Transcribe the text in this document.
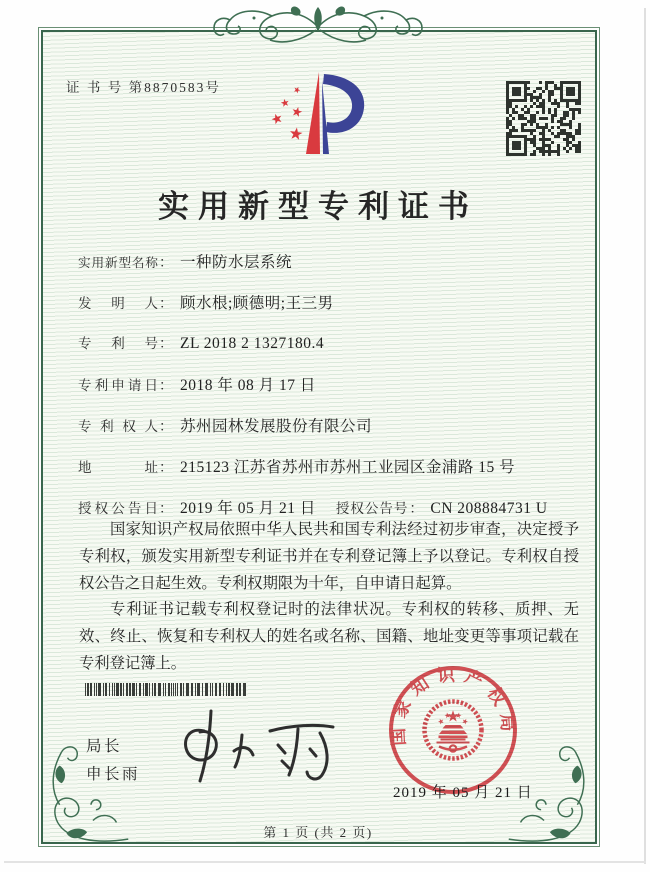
证 书 号 第8870583号
实用新型专利证书
实用新型名称 ： 一种防水层系统
发明人 ： 顾水根;顾德明;王三男
专利号 ： ZL 2018 2 1327180.4
专利申请日 ： 2018 年 08 月 17 日
专利权人 ： 苏州园林发展股份有限公司
地址 ： 215123 江苏省苏州市苏州工业园区金浦路 15 号
授权公告日 ： 2019 年 05 月 21 日 授权公告号 ： CN 208884731 U

国家知识产权局依照中华人民共和国专利法经过初步审查，决定授予专利权，颁发实用新型专利证书并在专利登记簿上予以登记。专利权自授权公告之日起生效。专利权期限为十年，自申请日起算。

专利证书记载专利权登记时的法律状况。专利权的转移、质押、无效、终止、恢复和专利权人的姓名或名称、国籍、地址变更等事项记载在专利登记簿上。

局长
申长雨
国家知识产权局
2019 年 05 月 21 日
第 1 页 (共 2 页)
